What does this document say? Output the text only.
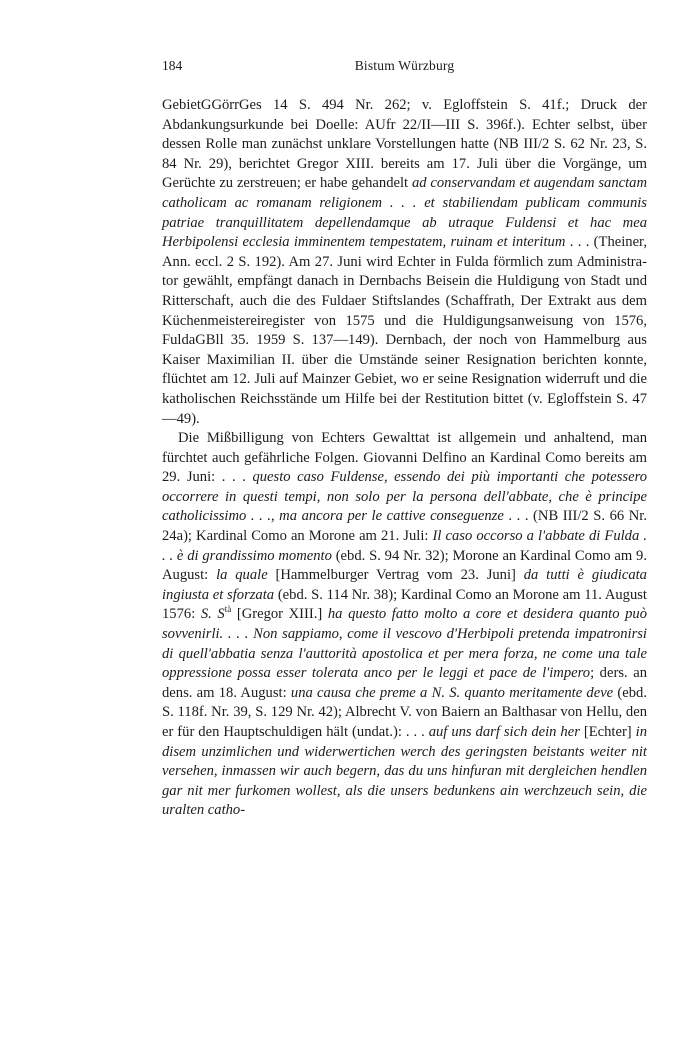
184	Bistum Würzburg

GebietGGörrGes 14 S. 494 Nr. 262; v. Egloffstein S. 41f.; Druck der Abdankungsurkunde bei Doelle: AUfr 22/II—III S. 396f.). Echter selbst, über dessen Rolle man zunächst unklare Vorstellungen hatte (NB III/2 S. 62 Nr. 23, S. 84 Nr. 29), berichtet Gregor XIII. bereits am 17. Juli über die Vorgänge, um Gerüchte zu zerstreuen; er habe gehandelt ad conservandam et augendam sanctam catholicam ac romanam religionem . . . et stabiliendam publicam communis patriae tranquillitatem depellendamque ab utraque Fuldensi et hac mea Herbipolensi ecclesia imminentem tempestatem, ruinam et interitum . . . (Theiner, Ann. eccl. 2 S. 192). Am 27. Juni wird Echter in Fulda förmlich zum Administrator gewählt, empfängt danach in Dernbachs Beisein die Huldigung von Stadt und Ritterschaft, auch die des Fuldaer Stiftslandes (Schaffrath, Der Extrakt aus dem Küchenmeistereiregister von 1575 und die Huldigungsanweisung von 1576, FuldaGBll 35. 1959 S. 137—149). Dernbach, der noch von Hammelburg aus Kaiser Maximilian II. über die Umstände seiner Resignation berichten konnte, flüchtet am 12. Juli auf Mainzer Gebiet, wo er seine Resignation widerruft und die katholischen Reichsstände um Hilfe bei der Restitution bittet (v. Egloffstein S. 47—49).

Die Mißbilligung von Echters Gewalttat ist allgemein und anhaltend, man fürchtet auch gefährliche Folgen. Giovanni Delfino an Kardinal Como bereits am 29. Juni: . . . questo caso Fuldense, essendo dei più importanti che potessero occorrere in questi tempi, non solo per la persona dell'abbate, che è principe catholicissimo . . ., ma ancora per le cattive conseguenze . . . (NB III/2 S. 66 Nr. 24a); Kardinal Como an Morone am 21. Juli: Il caso occorso a l'abbate di Fulda . . . è di grandissimo momento (ebd. S. 94 Nr. 32); Morone an Kardinal Como am 9. August: la quale [Hammelburger Vertrag vom 23. Juni] da tutti è giudicata ingiusta et sforzata (ebd. S. 114 Nr. 38); Kardinal Como an Morone am 11. August 1576: S. $S^{tà}$ [Gregor XIII.] ha questo fatto molto a core et desidera quanto può sovvenirli. . . . Non sappiamo, come il vescovo d'Herbipoli pretenda impatronirsi di quell'abbatia senza l'auttorità apostolica et per mera forza, ne come una tale oppressione possa esser tolerata anco per le leggi et pace de l'impero; ders. an dens. am 18. August: una causa che preme a N. S. quanto meritamente deve (ebd. S. 118f. Nr. 39, S. 129 Nr. 42); Albrecht V. von Baiern an Balthasar von Hellu, den er für den Hauptschuldigen hält (undat.): . . . auf uns darf sich dein her [Echter] in disem unzimlichen und widerwertichen werch des geringsten beistants weiter nit versehen, inmassen wir auch begern, das du uns hinfuran mit dergleichen hendlen gar nit mer furkomen wollest, als die unsers bedunkens ain werchzeuch sein, die uralten catho-
